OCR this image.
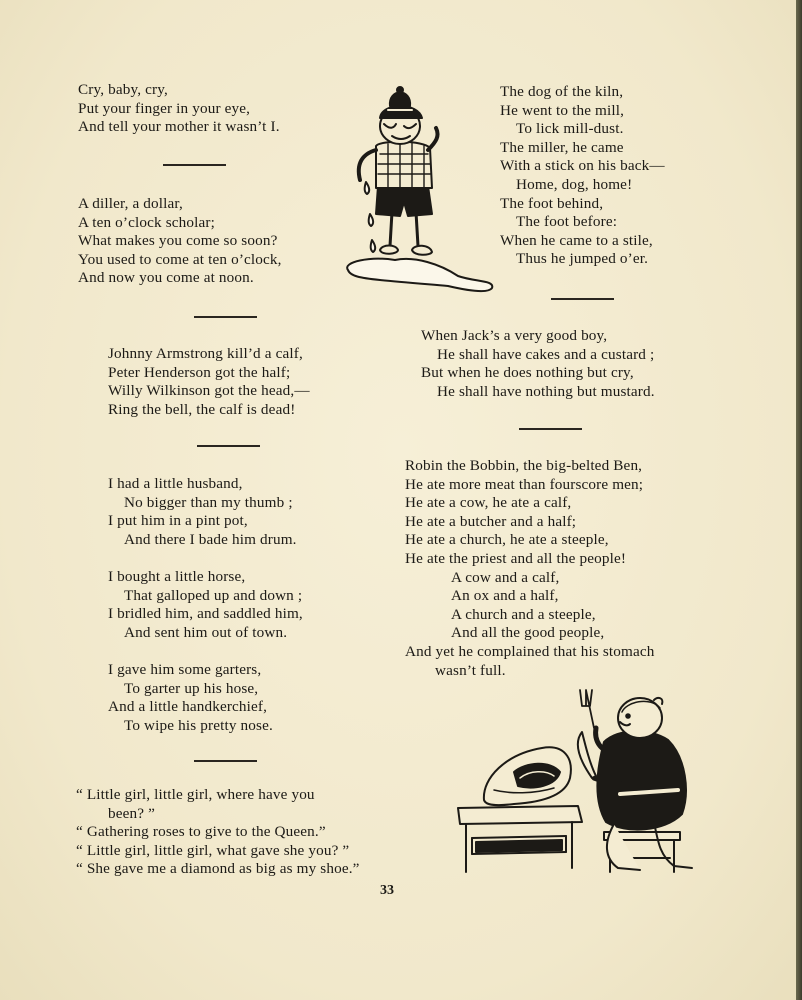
Cry, baby, cry,
Put your finger in your eye,
And tell your mother it wasn’t I.
A diller, a dollar,
A ten o’clock scholar;
What makes you come so soon?
You used to come at ten o’clock,
And now you come at noon.
Johnny Armstrong kill’d a calf,
Peter Henderson got the half;
Willy Wilkinson got the head,—
Ring the bell, the calf is dead!
I had a little husband,
No bigger than my thumb ;
I put him in a pint pot,
And there I bade him drum.
I bought a little horse,
That galloped up and down ;
I bridled him, and saddled him,
And sent him out of town.
I gave him some garters,
To garter up his hose,
And a little handkerchief,
To wipe his pretty nose.
“ Little girl, little girl, where have you
been? ”
“ Gathering roses to give to the Queen.”
“ Little girl, little girl, what gave she you? ”
“ She gave me a diamond as big as my shoe.”
The dog of the kiln,
He went to the mill,
To lick mill-dust.
The miller, he came
With a stick on his back—
Home, dog, home!
The foot behind,
The foot before:
When he came to a stile,
Thus he jumped o’er.
When Jack’s a very good boy,
He shall have cakes and a custard ;
But when he does nothing but cry,
He shall have nothing but mustard.
Robin the Bobbin, the big-belted Ben,
He ate more meat than fourscore men;
He ate a cow, he ate a calf,
He ate a butcher and a half;
He ate a church, he ate a steeple,
He ate the priest and all the people!
A cow and a calf,
An ox and a half,
A church and a steeple,
And all the good people,
And yet he complained that his stomach
wasn’t full.
33
